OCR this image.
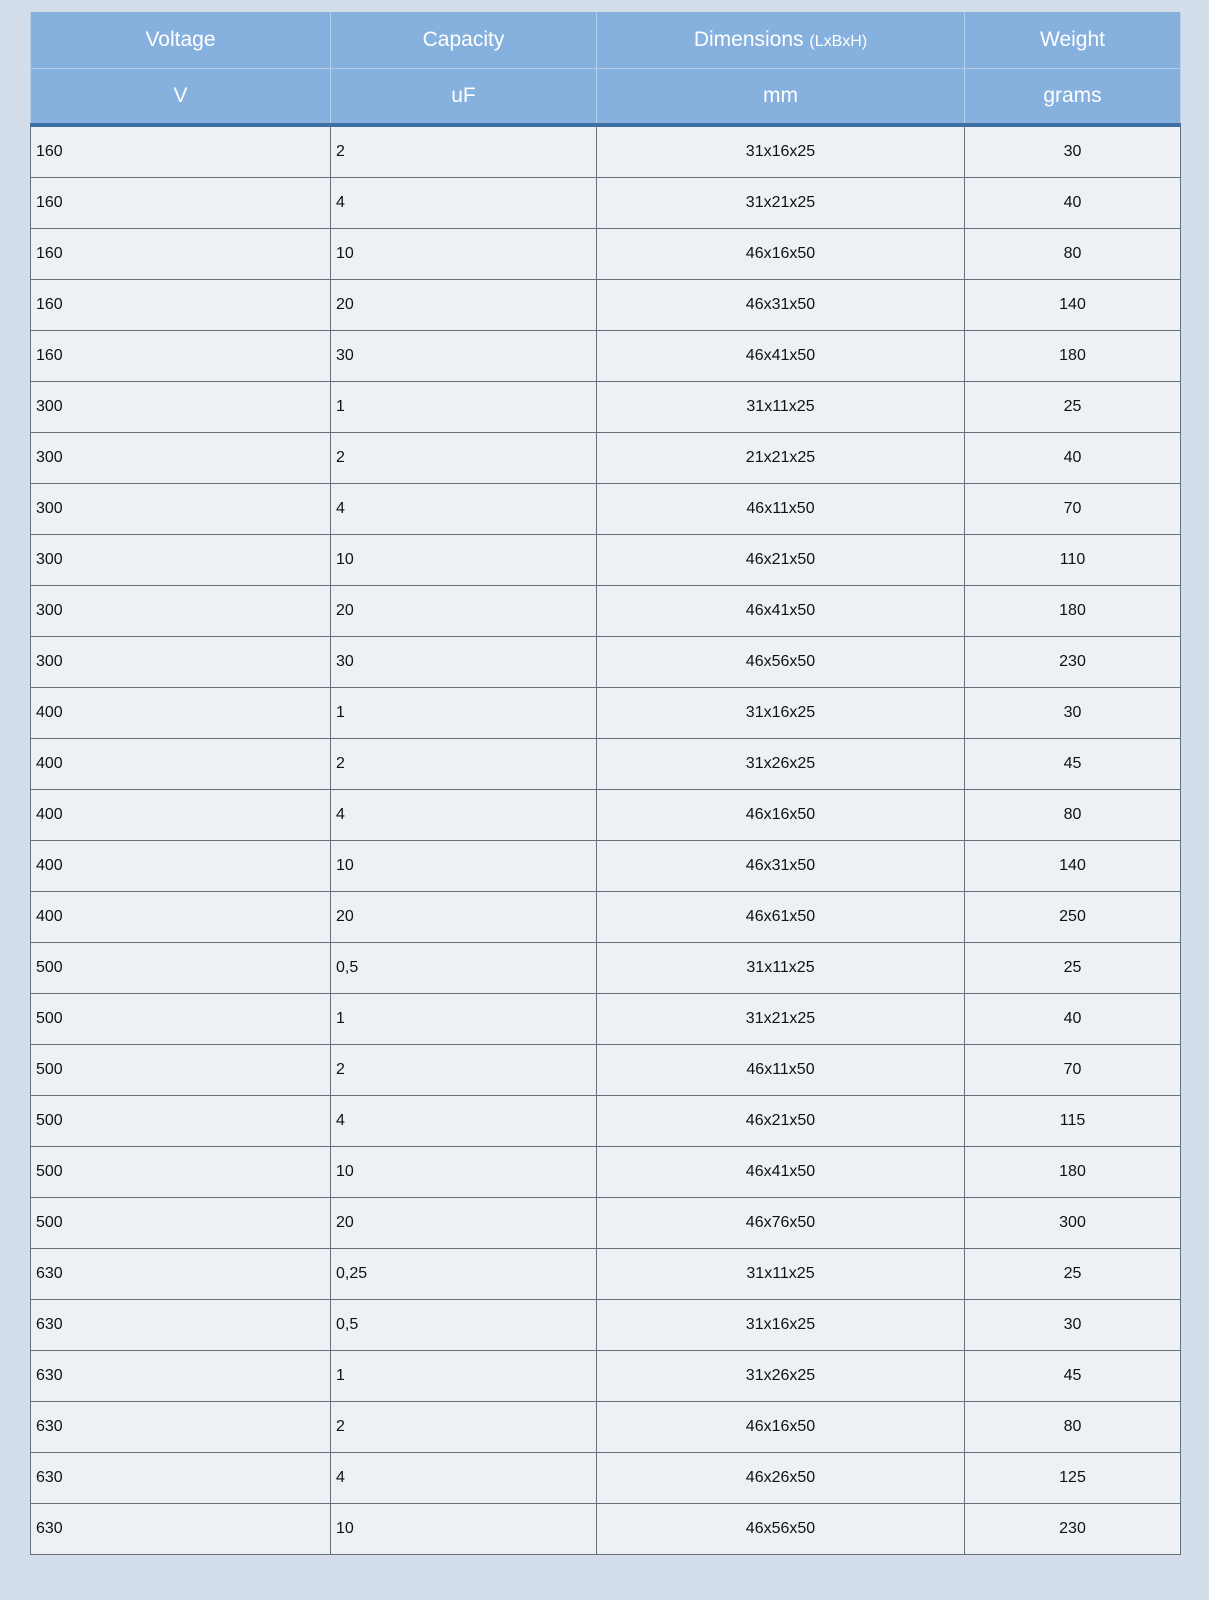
Voltage	Capacity	Dimensions (LxBxH)	Weight
V	uF	mm	grams
160	2	31x16x25	30
160	4	31x21x25	40
160	10	46x16x50	80
160	20	46x31x50	140
160	30	46x41x50	180
300	1	31x11x25	25
300	2	21x21x25	40
300	4	46x11x50	70
300	10	46x21x50	110
300	20	46x41x50	180
300	30	46x56x50	230
400	1	31x16x25	30
400	2	31x26x25	45
400	4	46x16x50	80
400	10	46x31x50	140
400	20	46x61x50	250
500	0,5	31x11x25	25
500	1	31x21x25	40
500	2	46x11x50	70
500	4	46x21x50	115
500	10	46x41x50	180
500	20	46x76x50	300
630	0,25	31x11x25	25
630	0,5	31x16x25	30
630	1	31x26x25	45
630	2	46x16x50	80
630	4	46x26x50	125
630	10	46x56x50	230
